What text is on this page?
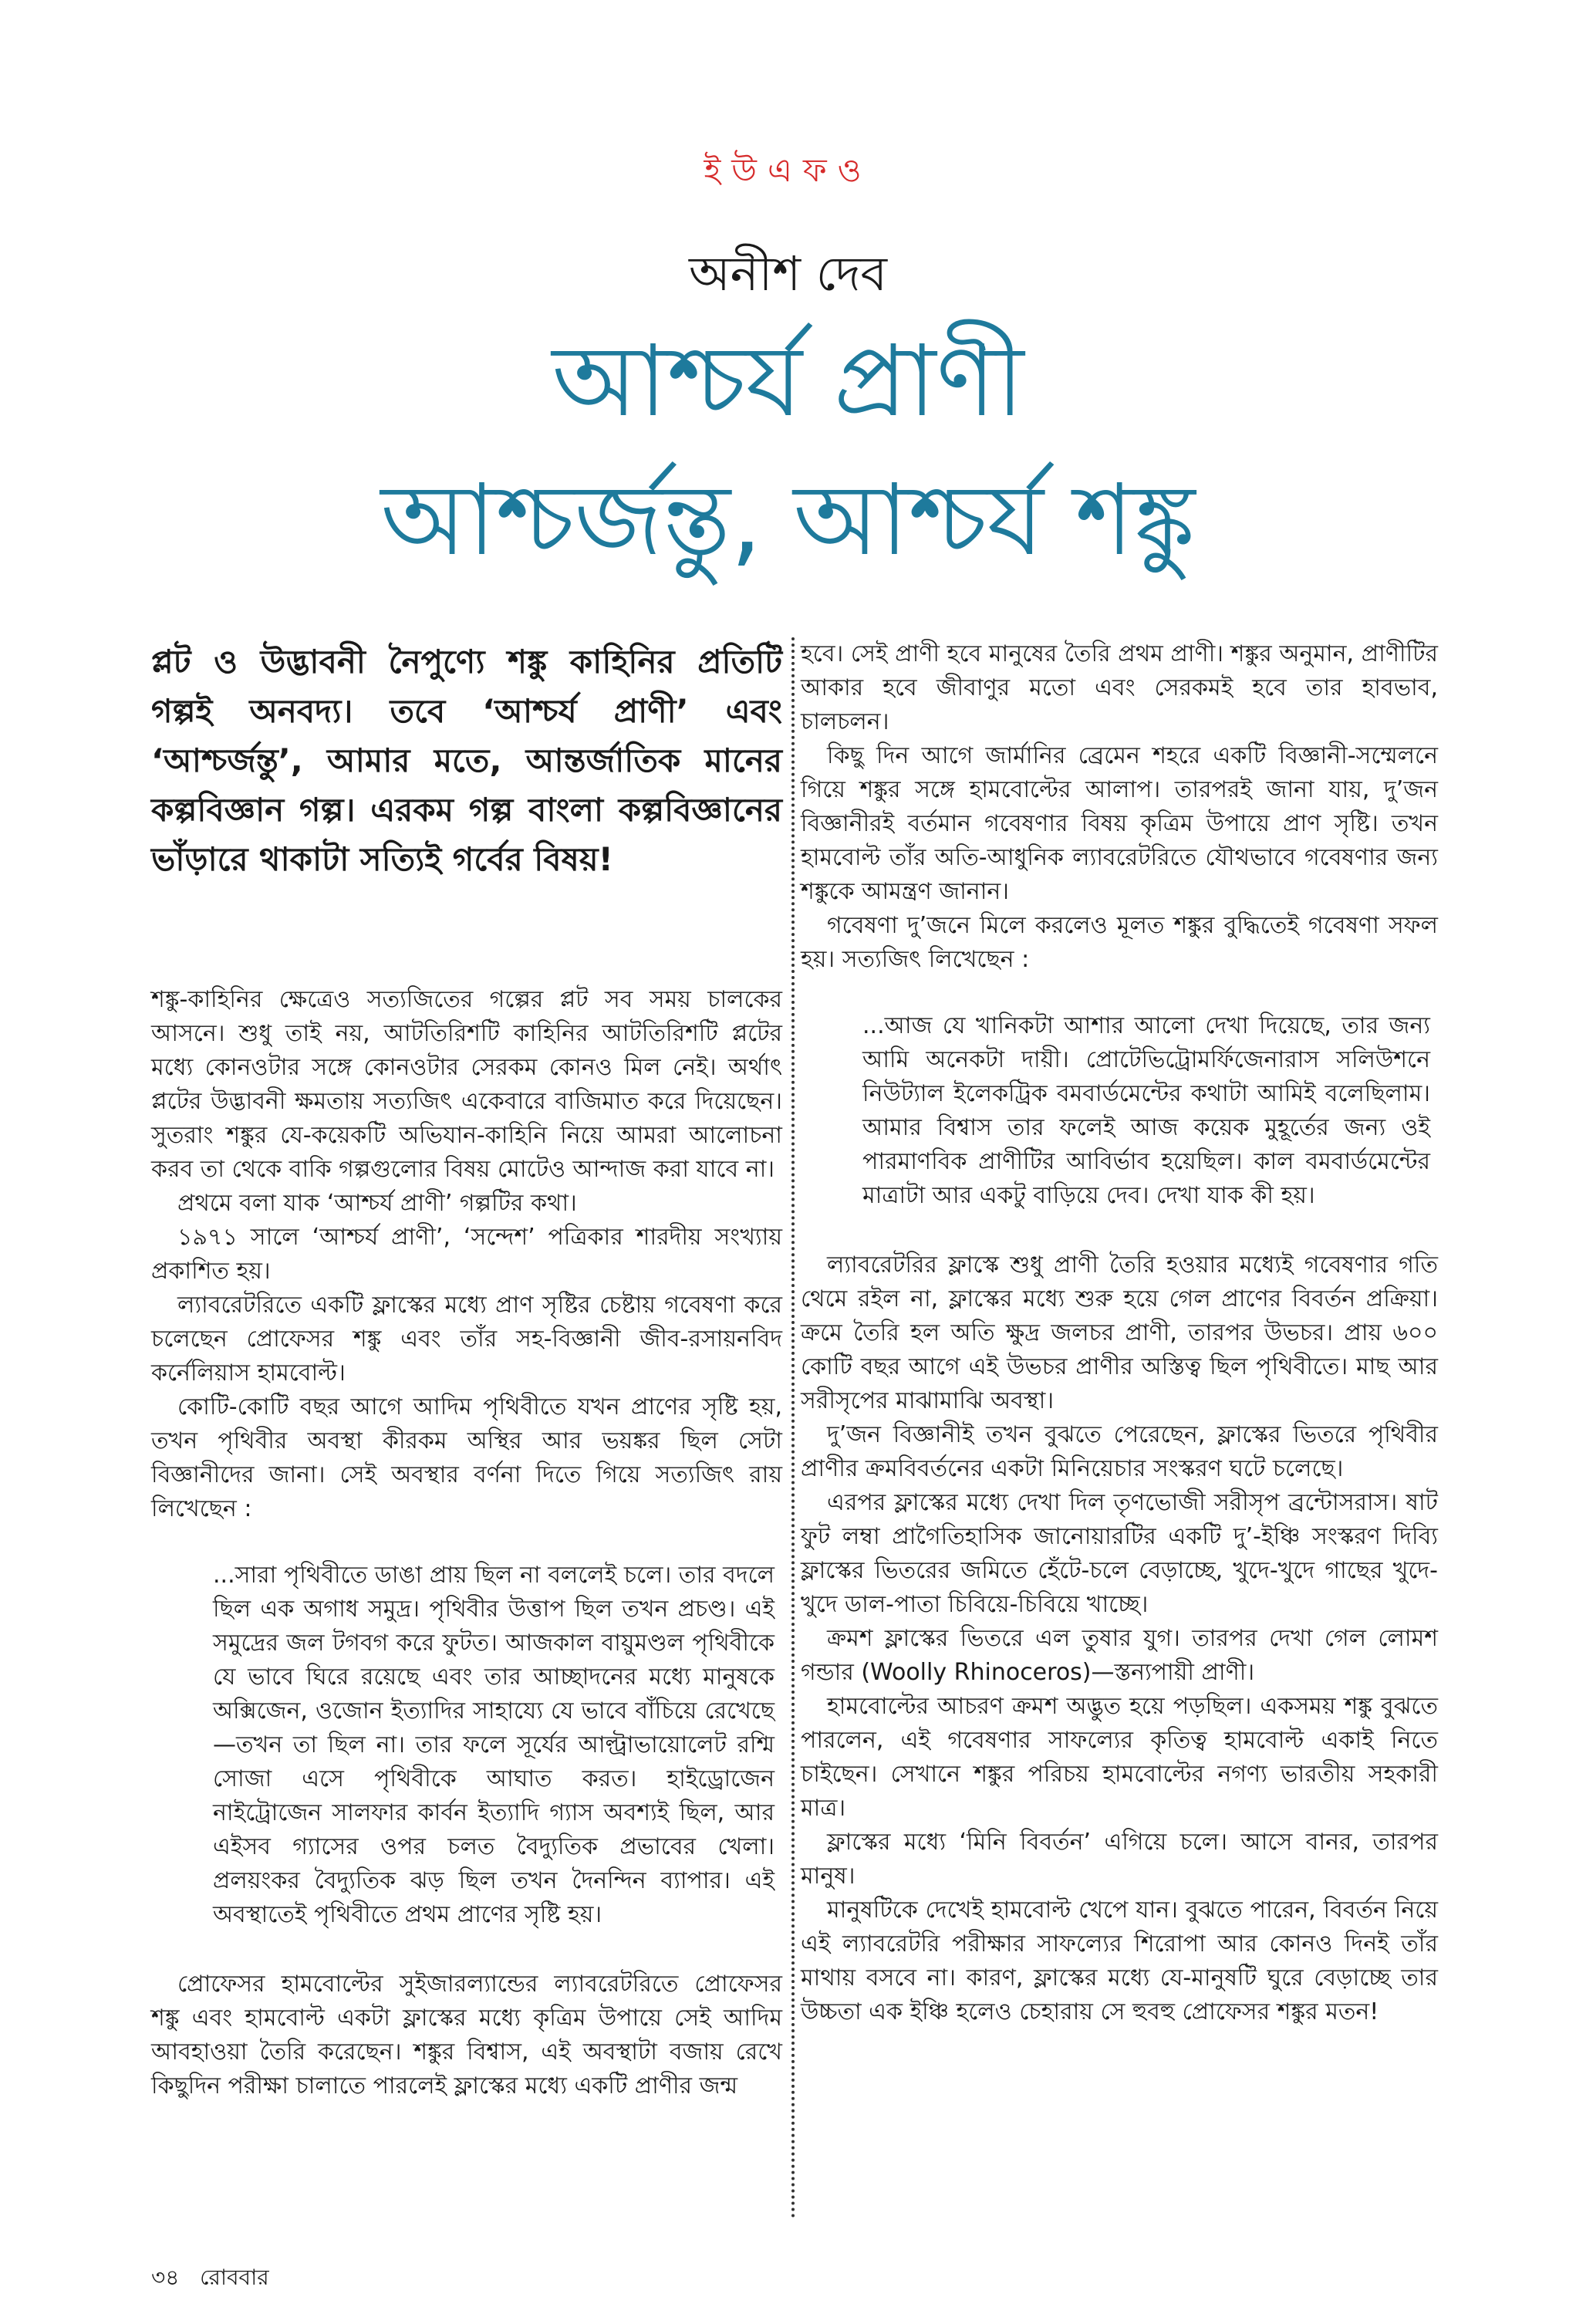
ইউএফও
অনীশ দেব
আশ্চর্য প্রাণী
আশ্চর্জন্তু, আশ্চর্য শঙ্কু
প্লট ও উদ্ভাবনী নৈপুণ্যে শঙ্কু কাহিনির প্রতিটি গল্পই অনবদ্য। তবে ‘আশ্চর্য প্রাণী’ এবং ‘আশ্চর্জন্তু’, আমার মতে, আন্তর্জাতিক মানের কল্পবিজ্ঞান গল্প। এরকম গল্প বাংলা কল্পবিজ্ঞানের ভাঁড়ারে থাকাটা সত্যিই গর্বের বিষয়!

শঙ্কু-কাহিনির ক্ষেত্রেও সত্যজিতের গল্পের প্লট সব সময় চালকের আসনে। শুধু তাই নয়, আটতিরিশটি কাহিনির আটতিরিশটি প্লটের মধ্যে কোনওটার সঙ্গে কোনওটার সেরকম কোনও মিল নেই। অর্থাৎ প্লটের উদ্ভাবনী ক্ষমতায় সত্যজিৎ একেবারে বাজিমাত করে দিয়েছেন। সুতরাং শঙ্কুর যে-কয়েকটি অভিযান-কাহিনি নিয়ে আমরা আলোচনা করব তা থেকে বাকি গল্পগুলোর বিষয় মোটেও আন্দাজ করা যাবে না।

প্রথমে বলা যাক ‘আশ্চর্য প্রাণী’ গল্পটির কথা।

১৯৭১ সালে ‘আশ্চর্য প্রাণী’, ‘সন্দেশ’ পত্রিকার শারদীয় সংখ্যায় প্রকাশিত হয়।

ল্যাবরেটরিতে একটি ফ্লাস্কের মধ্যে প্রাণ সৃষ্টির চেষ্টায় গবেষণা করে চলেছেন প্রোফেসর শঙ্কু এবং তাঁর সহ-বিজ্ঞানী জীব-রসায়নবিদ কর্নেলিয়াস হামবোল্ট।

কোটি-কোটি বছর আগে আদিম পৃথিবীতে যখন প্রাণের সৃষ্টি হয়, তখন পৃথিবীর অবস্থা কীরকম অস্থির আর ভয়ঙ্কর ছিল সেটা বিজ্ঞানীদের জানা। সেই অবস্থার বর্ণনা দিতে গিয়ে সত্যজিৎ রায় লিখেছেন :

...সারা পৃথিবীতে ডাঙা প্রায় ছিল না বললেই চলে। তার বদলে ছিল এক অগাধ সমুদ্র। পৃথিবীর উত্তাপ ছিল তখন প্রচণ্ড। এই সমুদ্রের জল টগবগ করে ফুটত। আজকাল বায়ুমণ্ডল পৃথিবীকে যে ভাবে ঘিরে রয়েছে এবং তার আচ্ছাদনের মধ্যে মানুষকে অক্সিজেন, ওজোন ইত্যাদির সাহায্যে যে ভাবে বাঁচিয়ে রেখেছে—তখন তা ছিল না। তার ফলে সূর্যের আল্ট্রাভায়োলেট রশ্মি সোজা এসে পৃথিবীকে আঘাত করত। হাইড্রোজেন নাইট্রোজেন সালফার কার্বন ইত্যাদি গ্যাস অবশ্যই ছিল, আর এইসব গ্যাসের ওপর চলত বৈদ্যুতিক প্রভাবের খেলা। প্রলয়ংকর বৈদ্যুতিক ঝড় ছিল তখন দৈনন্দিন ব্যাপার। এই অবস্থাতেই পৃথিবীতে প্রথম প্রাণের সৃষ্টি হয়।

প্রোফেসর হামবোল্টের সুইজারল্যান্ডের ল্যাবরেটরিতে প্রোফেসর শঙ্কু এবং হামবোল্ট একটা ফ্লাস্কের মধ্যে কৃত্রিম উপায়ে সেই আদিম আবহাওয়া তৈরি করেছেন। শঙ্কুর বিশ্বাস, এই অবস্থাটা বজায় রেখে কিছুদিন পরীক্ষা চালাতে পারলেই ফ্লাস্কের মধ্যে একটি প্রাণীর জন্ম

হবে। সেই প্রাণী হবে মানুষের তৈরি প্রথম প্রাণী। শঙ্কুর অনুমান, প্রাণীটির আকার হবে জীবাণুর মতো এবং সেরকমই হবে তার হাবভাব, চালচলন।

কিছু দিন আগে জার্মানির ব্রেমেন শহরে একটি বিজ্ঞানী-সম্মেলনে গিয়ে শঙ্কুর সঙ্গে হামবোল্টের আলাপ। তারপরই জানা যায়, দু’জন বিজ্ঞানীরই বর্তমান গবেষণার বিষয় কৃত্রিম উপায়ে প্রাণ সৃষ্টি। তখন হামবোল্ট তাঁর অতি-আধুনিক ল্যাবরেটরিতে যৌথভাবে গবেষণার জন্য শঙ্কুকে আমন্ত্রণ জানান।

গবেষণা দু’জনে মিলে করলেও মূলত শঙ্কুর বুদ্ধিতেই গবেষণা সফল হয়। সত্যজিৎ লিখেছেন :

...আজ যে খানিকটা আশার আলো দেখা দিয়েছে, তার জন্য আমি অনেকটা দায়ী। প্রোটেভিট্রোমর্ফিজেনারাস সলিউশনে নিউট্যাল ইলেকট্রিক বমবার্ডমেন্টের কথাটা আমিই বলেছিলাম। আমার বিশ্বাস তার ফলেই আজ কয়েক মুহূর্তের জন্য ওই পারমাণবিক প্রাণীটির আবির্ভাব হয়েছিল। কাল বমবার্ডমেন্টের মাত্রাটা আর একটু বাড়িয়ে দেব। দেখা যাক কী হয়।

ল্যাবরেটরির ফ্লাস্কে শুধু প্রাণী তৈরি হওয়ার মধ্যেই গবেষণার গতি থেমে রইল না, ফ্লাস্কের মধ্যে শুরু হয়ে গেল প্রাণের বিবর্তন প্রক্রিয়া। ক্রমে তৈরি হল অতি ক্ষুদ্র জলচর প্রাণী, তারপর উভচর। প্রায় ৬০০ কোটি বছর আগে এই উভচর প্রাণীর অস্তিত্ব ছিল পৃথিবীতে। মাছ আর সরীসৃপের মাঝামাঝি অবস্থা।

দু’জন বিজ্ঞানীই তখন বুঝতে পেরেছেন, ফ্লাস্কের ভিতরে পৃথিবীর প্রাণীর ক্রমবিবর্তনের একটা মিনিয়েচার সংস্করণ ঘটে চলেছে।

এরপর ফ্লাস্কের মধ্যে দেখা দিল তৃণভোজী সরীসৃপ ব্রন্টোসরাস। ষাট ফুট লম্বা প্রাগৈতিহাসিক জানোয়ারটির একটি দু’-ইঞ্চি সংস্করণ দিব্যি ফ্লাস্কের ভিতরের জমিতে হেঁটে-চলে বেড়াচ্ছে, খুদে-খুদে গাছের খুদে-খুদে ডাল-পাতা চিবিয়ে-চিবিয়ে খাচ্ছে।

ক্রমশ ফ্লাস্কের ভিতরে এল তুষার যুগ। তারপর দেখা গেল লোমশ গন্ডার (Woolly Rhinoceros)—স্তন্যপায়ী প্রাণী।

হামবোল্টের আচরণ ক্রমশ অদ্ভুত হয়ে পড়ছিল। একসময় শঙ্কু বুঝতে পারলেন, এই গবেষণার সাফল্যের কৃতিত্ব হামবোল্ট একাই নিতে চাইছেন। সেখানে শঙ্কুর পরিচয় হামবোল্টের নগণ্য ভারতীয় সহকারী মাত্র।

ফ্লাস্কের মধ্যে ‘মিনি বিবর্তন’ এগিয়ে চলে। আসে বানর, তারপর মানুষ।

মানুষটিকে দেখেই হামবোল্ট খেপে যান। বুঝতে পারেন, বিবর্তন নিয়ে এই ল্যাবরেটরি পরীক্ষার সাফল্যের শিরোপা আর কোনও দিনই তাঁর মাথায় বসবে না। কারণ, ফ্লাস্কের মধ্যে যে-মানুষটি ঘুরে বেড়াচ্ছে তার উচ্চতা এক ইঞ্চি হলেও চেহারায় সে হুবহু প্রোফেসর শঙ্কুর মতন!

৩৪ রোববার
